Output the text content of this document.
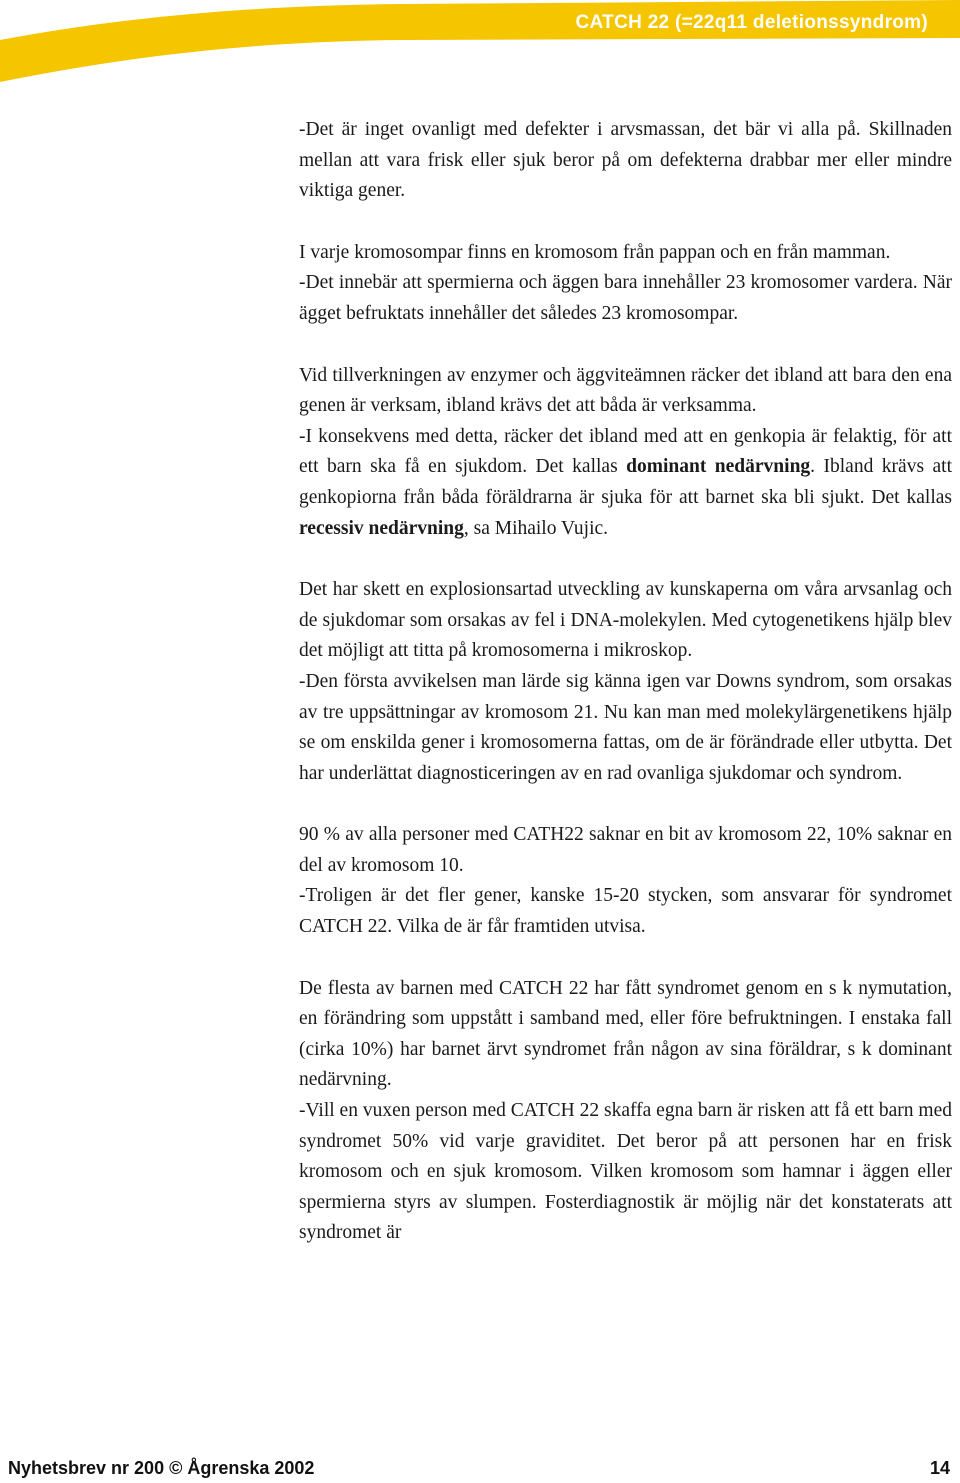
CATCH 22 (=22q11 deletionssyndrom)

-Det är inget ovanligt med defekter i arvsmassan, det bär vi alla på. Skillnaden mellan att vara frisk eller sjuk beror på om defekterna drabbar mer eller mindre viktiga gener.

I varje kromosompar finns en kromosom från pappan och en från mamman.

-Det innebär att spermierna och äggen bara innehåller 23 kromosomer vardera. När ägget befruktats innehåller det således 23 kromosompar.

Vid tillverkningen av enzymer och äggviteämnen räcker det ibland att bara den ena genen är verksam, ibland krävs det att båda är verksamma.

-I konsekvens med detta, räcker det ibland med att en genkopia är felaktig, för att ett barn ska få en sjukdom. Det kallas dominant nedärvning. Ibland krävs att genkopiorna från båda föräldrarna är sjuka för att barnet ska bli sjukt. Det kallas recessiv nedärvning, sa Mihailo Vujic.

Det har skett en explosionsartad utveckling av kunskaperna om våra arvsanlag och de sjukdomar som orsakas av fel i DNA-molekylen. Med cytogenetikens hjälp blev det möjligt att titta på kromosomerna i mikroskop.

-Den första avvikelsen man lärde sig känna igen var Downs syndrom, som orsakas av tre uppsättningar av kromosom 21. Nu kan man med molekylärgenetikens hjälp se om enskilda gener i kromosomerna fattas, om de är förändrade eller utbytta. Det har underlättat diagnosticeringen av en rad ovanliga sjukdomar och syndrom.

90 % av alla personer med CATH22 saknar en bit av kromosom 22, 10% saknar en del av kromosom 10.

-Troligen är det fler gener, kanske 15-20 stycken, som ansvarar för syndromet CATCH 22. Vilka de är får framtiden utvisa.

De flesta av barnen med CATCH 22 har fått syndromet genom en s k nymutation, en förändring som uppstått i samband med, eller före befruktningen. I enstaka fall (cirka 10%) har barnet ärvt syndromet från någon av sina föräldrar, s k dominant nedärvning.

-Vill en vuxen person med CATCH 22 skaffa egna barn är risken att få ett barn med syndromet 50% vid varje graviditet. Det beror på att personen har en frisk kromosom och en sjuk kromosom. Vilken kromosom som hamnar i äggen eller spermierna styrs av slumpen. Fosterdiagnostik är möjlig när det konstaterats att syndromet är

Nyhetsbrev nr 200 © Ågrenska 2002	14
